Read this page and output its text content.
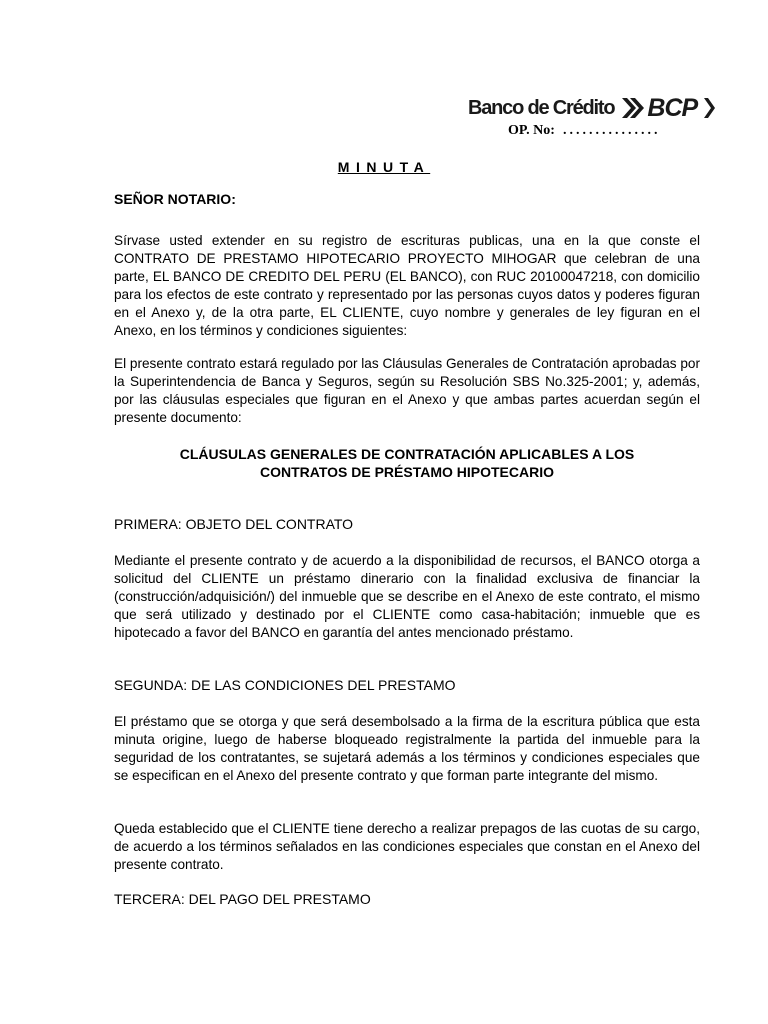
Banco de Crédito BCP
OP. No: ...............
MINUTA
SEÑOR NOTARIO:
Sírvase usted extender en su registro de escrituras publicas, una en la que conste el CONTRATO DE PRESTAMO HIPOTECARIO PROYECTO MIHOGAR que celebran de una parte, EL BANCO DE CREDITO DEL PERU (EL BANCO), con RUC 20100047218, con domicilio para los efectos de este contrato y representado por las personas cuyos datos y poderes figuran en el Anexo y, de la otra parte, EL CLIENTE, cuyo nombre y generales de ley figuran en el Anexo, en los términos y condiciones siguientes:
El presente contrato estará regulado por las Cláusulas Generales de Contratación aprobadas por la Superintendencia de Banca y Seguros, según su Resolución SBS No.325-2001; y, además, por las cláusulas especiales que figuran en el Anexo y que ambas partes acuerdan según el presente documento:
CLÁUSULAS GENERALES DE CONTRATACIÓN APLICABLES A LOS
CONTRATOS DE PRÉSTAMO HIPOTECARIO
PRIMERA: OBJETO DEL CONTRATO
Mediante el presente contrato y de acuerdo a la disponibilidad de recursos, el BANCO otorga a solicitud del CLIENTE un préstamo dinerario con la finalidad exclusiva de financiar la (construcción/adquisición/) del inmueble que se describe en el Anexo de este contrato, el mismo que será utilizado y destinado por el CLIENTE como casa-habitación; inmueble que es hipotecado a favor del BANCO en garantía del antes mencionado préstamo.
SEGUNDA: DE LAS CONDICIONES DEL PRESTAMO
El préstamo que se otorga y que será desembolsado a la firma de la escritura pública que esta minuta origine, luego de haberse bloqueado registralmente la partida del inmueble para la seguridad de los contratantes, se sujetará además a los términos y condiciones especiales que se especifican en el Anexo del presente contrato y que forman parte integrante del mismo.
Queda establecido que el CLIENTE tiene derecho a realizar prepagos de las cuotas de su cargo, de acuerdo a los términos señalados en las condiciones especiales que constan en el Anexo del presente contrato.
TERCERA: DEL PAGO DEL PRESTAMO
